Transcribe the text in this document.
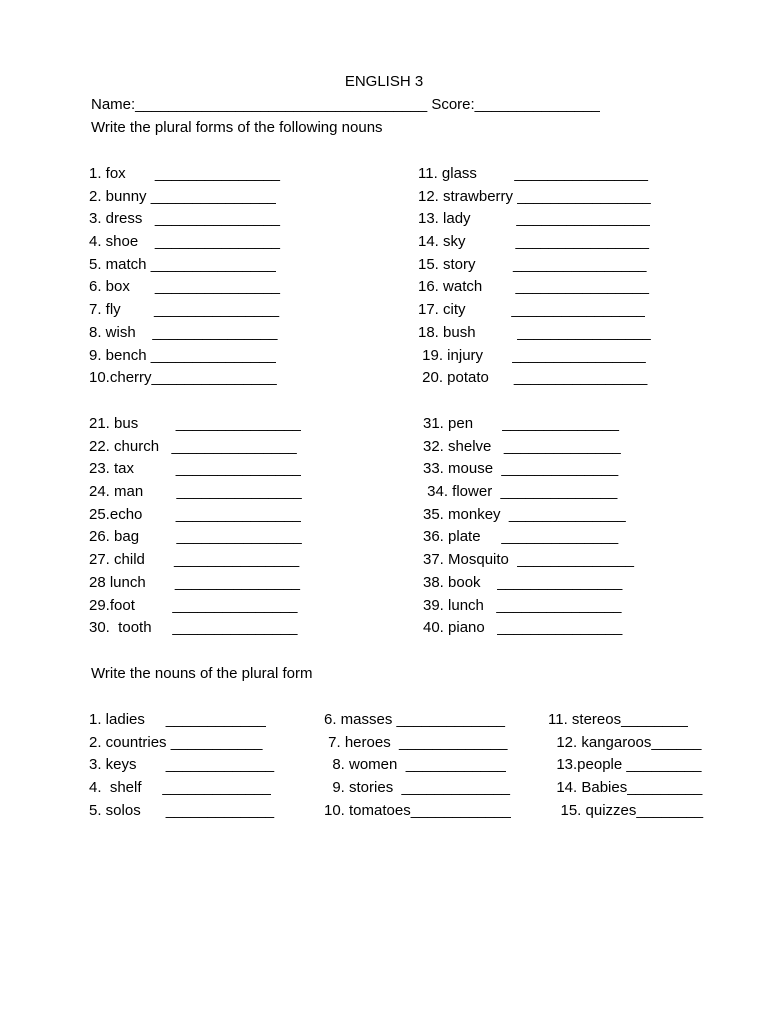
ENGLISH 3
Name:___________________________________ Score:_______________
Write the plural forms of the following nouns
1. fox       _______________
2. bunny _______________
3. dress   _______________
4. shoe    _______________
5. match _______________
6. box      _______________
7. fly        _______________
8. wish    _______________
9. bench _______________
10.cherry_______________
11. glass         ________________
12. strawberry ________________
13. lady           ________________
14. sky            ________________
15. story         ________________
16. watch        ________________
17. city           ________________
18. bush          ________________
19. injury       ________________
20. potato      ________________
21. bus         _______________
22. church   _______________
23. tax          _______________
24. man        _______________
25.echo        _______________
26. bag         _______________
27. child       _______________
28 lunch       _______________
29.foot         _______________
30.  tooth     _______________
31. pen       ______________
32. shelve   ______________
33. mouse  ______________
34. flower  ______________
35. monkey  ______________
36. plate     ______________
37. Mosquito  ______________
38. book    _______________
39. lunch   _______________
40. piano   _______________
Write the nouns of the plural form
1. ladies     ____________
2. countries ___________
3. keys       _____________
4.  shelf     _____________
5. solos      _____________
6. masses _____________
7. heroes  _____________
8. women  ____________
9. stories  _____________
10. tomatoes____________
11. stereos________
12. kangaroos______
13.people _________
14. Babies_________
15. quizzes________
